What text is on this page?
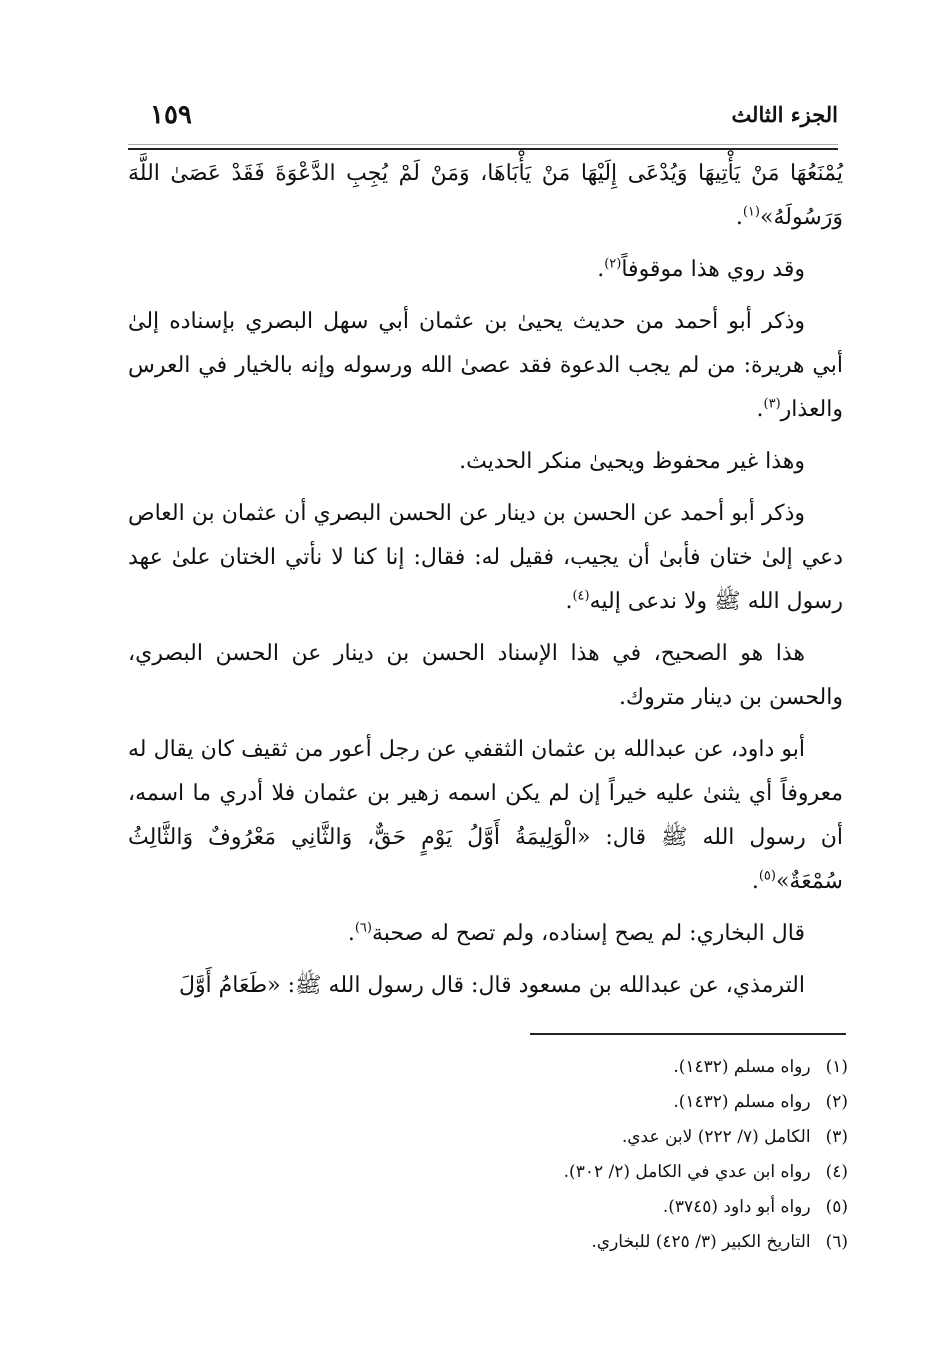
الجزء الثالث
١٥٩

يُمْنَعُهَا مَنْ يَأْتِيهَا وَيُدْعَى إِلَيْهَا مَنْ يَأْبَاهَا، وَمَنْ لَمْ يُجِبِ الدَّعْوَةَ فَقَدْ عَصَىٰ اللَّهَ وَرَسُولَهُ»$^{(١)}$.

وقد روي هذا موقوفاً$^{(٢)}$.

وذكر أبو أحمد من حديث يحيىٰ بن عثمان أبي سهل البصري بإسناده إلىٰ أبي هريرة: من لم يجب الدعوة فقد عصىٰ الله ورسوله وإنه بالخيار في العرس والعذار$^{(٣)}$.

وهذا غير محفوظ ويحيىٰ منكر الحديث.

وذكر أبو أحمد عن الحسن بن دينار عن الحسن البصري أن عثمان بن العاص دعي إلىٰ ختان فأبىٰ أن يجيب، فقيل له: فقال: إنا كنا لا نأتي الختان علىٰ عهد رسول الله ﷺ ولا ندعى إليه$^{(٤)}$.

هذا هو الصحيح، في هذا الإسناد الحسن بن دينار عن الحسن البصري، والحسن بن دينار متروك.

أبو داود، عن عبدالله بن عثمان الثقفي عن رجل أعور من ثقيف كان يقال له معروفاً أي يثنىٰ عليه خيراً إن لم يكن اسمه زهير بن عثمان فلا أدري ما اسمه، أن رسول الله ﷺ قال: «الْوَلِيمَةُ أَوَّلُ يَوْمٍ حَقٌّ، وَالثَّانِي مَعْرُوفٌ وَالثَّالِثُ سُمْعَةٌ»$^{(٥)}$.

قال البخاري: لم يصح إسناده، ولم تصح له صحبة$^{(٦)}$.

الترمذي، عن عبدالله بن مسعود قال: قال رسول الله ﷺ: «طَعَامُ أَوَّلَ

(١) رواه مسلم (١٤٣٢).
(٢) رواه مسلم (١٤٣٢).
(٣) الكامل (٧/ ٢٢٢) لابن عدي.
(٤) رواه ابن عدي في الكامل (٢/ ٣٠٢).
(٥) رواه أبو داود (٣٧٤٥).
(٦) التاريخ الكبير (٣/ ٤٢٥) للبخاري.
